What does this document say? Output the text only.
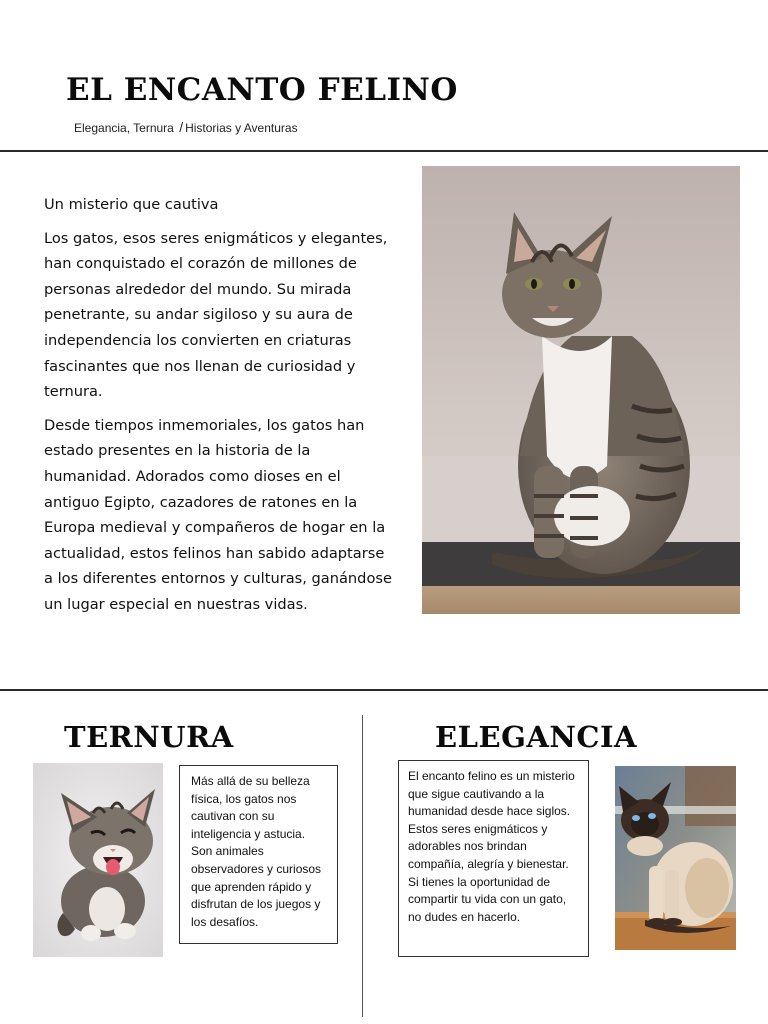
EL ENCANTO FELINO
Elegancia, Ternura / Historias y Aventuras
Un misterio que cautiva

Los gatos, esos seres enigmáticos y elegantes, han conquistado el corazón de millones de personas alrededor del mundo. Su mirada penetrante, su andar sigiloso y su aura de independencia los convierten en criaturas fascinantes que nos llenan de curiosidad y ternura.

Desde tiempos inmemoriales, los gatos han estado presentes en la historia de la humanidad. Adorados como dioses en el antiguo Egipto, cazadores de ratones en la Europa medieval y compañeros de hogar en la actualidad, estos felinos han sabido adaptarse a los diferentes entornos y culturas, ganándose un lugar especial en nuestras vidas.

TERNURA
Más allá de su belleza física, los gatos nos cautivan con su inteligencia y astucia. Son animales observadores y curiosos que aprenden rápido y disfrutan de los juegos y los desafíos.
ELEGANCIA
El encanto felino es un misterio que sigue cautivando a la humanidad desde hace siglos. Estos seres enigmáticos y adorables nos brindan compañía, alegría y bienestar. Si tienes la oportunidad de compartir tu vida con un gato, no dudes en hacerlo.
